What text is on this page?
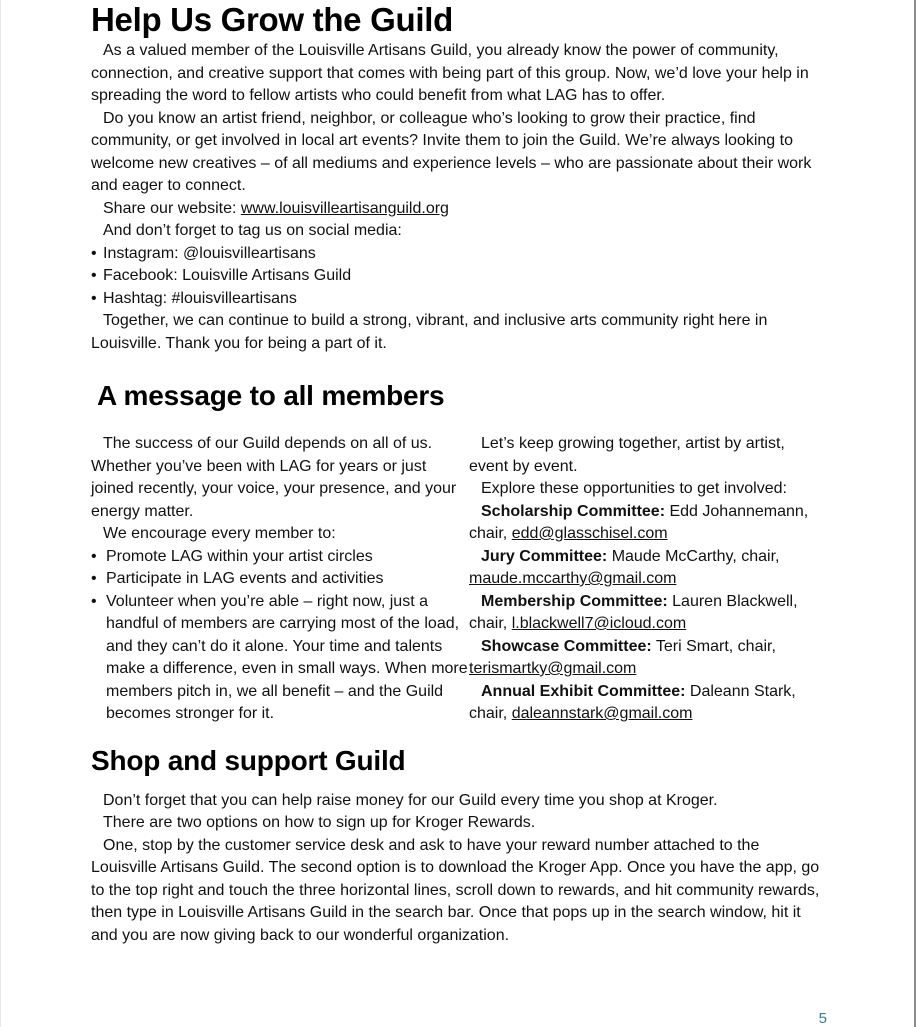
Help Us Grow the Guild

As a valued member of the Louisville Artisans Guild, you already know the power of community, connection, and creative support that comes with being part of this group. Now, we’d love your help in spreading the word to fellow artists who could benefit from what LAG has to offer.

Do you know an artist friend, neighbor, or colleague who’s looking to grow their practice, find community, or get involved in local art events? Invite them to join the Guild. We’re always looking to welcome new creatives – of all mediums and experience levels – who are passionate about their work and eager to connect.

Share our website: www.louisvilleartisanguild.org

And don’t forget to tag us on social media:

• Instagram: @louisvilleartisans
• Facebook: Louisville Artisans Guild
• Hashtag: #louisvilleartisans

Together, we can continue to build a strong, vibrant, and inclusive arts community right here in Louisville. Thank you for being a part of it.

A message to all members

The success of our Guild depends on all of us. Whether you’ve been with LAG for years or just joined recently, your voice, your presence, and your energy matter.

We encourage every member to:

• Promote LAG within your artist circles
• Participate in LAG events and activities
• Volunteer when you’re able – right now, just a handful of members are carrying most of the load, and they can’t do it alone. Your time and talents make a difference, even in small ways. When more members pitch in, we all benefit – and the Guild becomes stronger for it.

Let’s keep growing together, artist by artist, event by event.

Explore these opportunities to get involved:

Scholarship Committee: Edd Johannemann, chair, edd@glasschisel.com

Jury Committee: Maude McCarthy, chair, maude.mccarthy@gmail.com

Membership Committee: Lauren Blackwell, chair, l.blackwell7@icloud.com

Showcase Committee: Teri Smart, chair, terismartky@gmail.com

Annual Exhibit Committee: Daleann Stark, chair, daleannstark@gmail.com

Shop and support Guild

Don’t forget that you can help raise money for our Guild every time you shop at Kroger.

There are two options on how to sign up for Kroger Rewards.

One, stop by the customer service desk and ask to have your reward number attached to the Louisville Artisans Guild. The second option is to download the Kroger App. Once you have the app, go to the top right and touch the three horizontal lines, scroll down to rewards, and hit community rewards, then type in Louisville Artisans Guild in the search bar. Once that pops up in the search window, hit it and you are now giving back to our wonderful organization.

5
